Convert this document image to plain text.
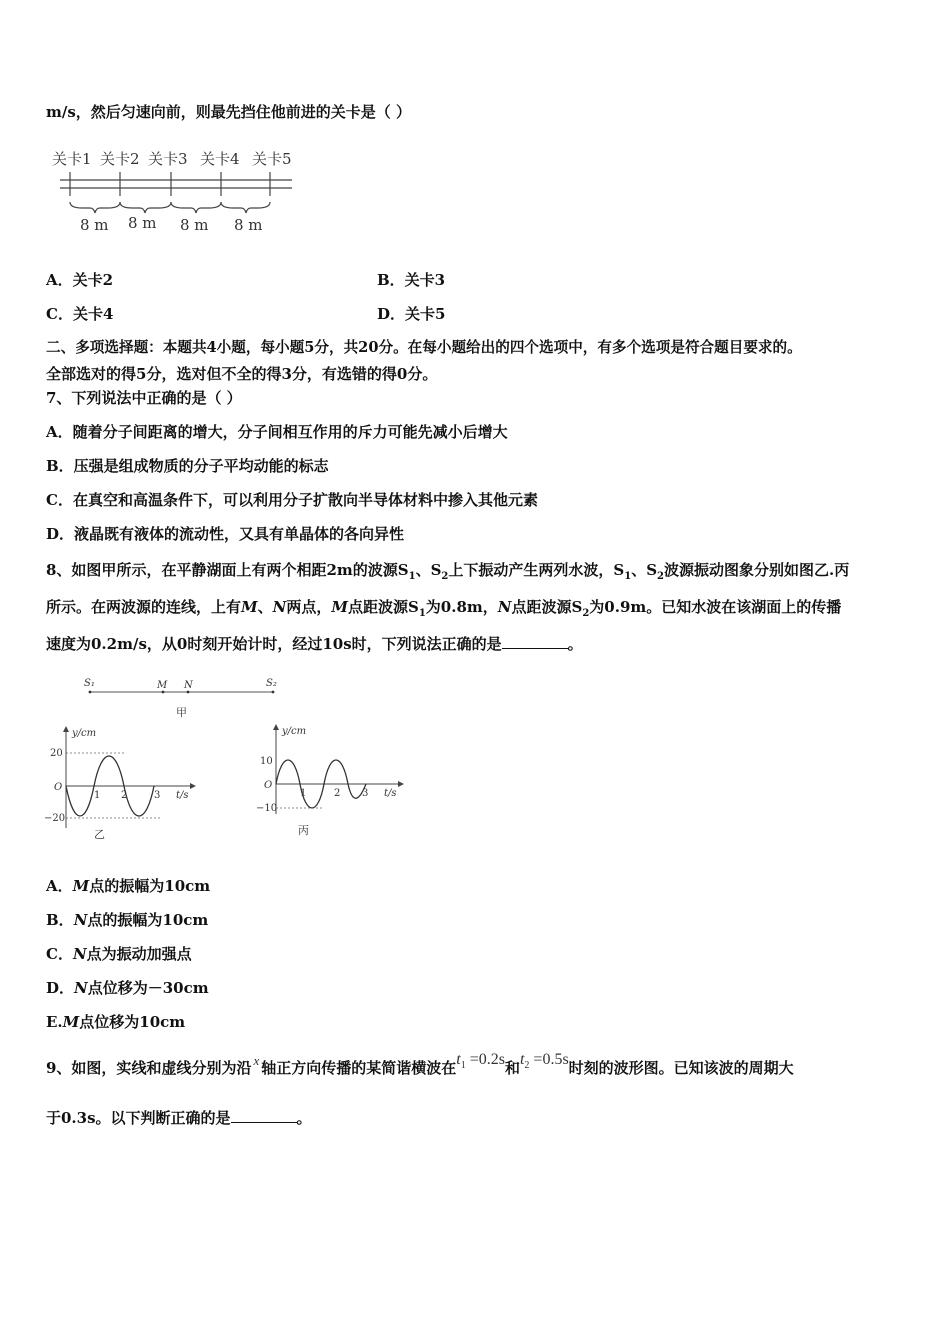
m/s，然后匀速向前，则最先挡住他前进的关卡是（ ）
关卡1 关卡2 关卡3 关卡4 关卡5
8 m 8 m 8 m 8 m
A．关卡2	B．关卡3
C．关卡4	D．关卡5
二、多项选择题：本题共4小题，每小题5分，共20分。在每小题给出的四个选项中，有多个选项是符合题目要求的。
全部选对的得5分，选对但不全的得3分，有选错的得0分。
7、下列说法中正确的是（ ）
A．随着分子间距离的增大，分子间相互作用的斥力可能先减小后增大
B．压强是组成物质的分子平均动能的标志
C．在真空和高温条件下，可以利用分子扩散向半导体材料中掺入其他元素
D．液晶既有液体的流动性，又具有单晶体的各向异性
8、如图甲所示，在平静湖面上有两个相距2m的波源$S_1$、$S_2$上下振动产生两列水波，$S_1$、$S_2$波源振动图象分别如图乙.丙
所示。在两波源的连线，上有M、N两点，M点距波源$S_1$为0.8m，N点距波源$S_2$为0.9m。已知水波在该湖面上的传播
速度为0.2m/s，从0时刻开始计时，经过10s时，下列说法正确的是	。
S₁	M N	S₂
甲
y/cm
t/s
O
20
−20
1 2	3
乙
y/cm
t/s
O
10
−10
1	2 3
丙
A．M点的振幅为10cm
B．N点的振幅为10cm
C．N点为振动加强点
D．N点位移为－30cm
E.M点位移为10cm
9、如图，实线和虚线分别为沿 x 轴正方向传播的某简谐横波在$t_1 =0.2s$和$t_2 =0.5s$时刻的波形图。已知该波的周期大
于0.3s。以下判断正确的是	。
